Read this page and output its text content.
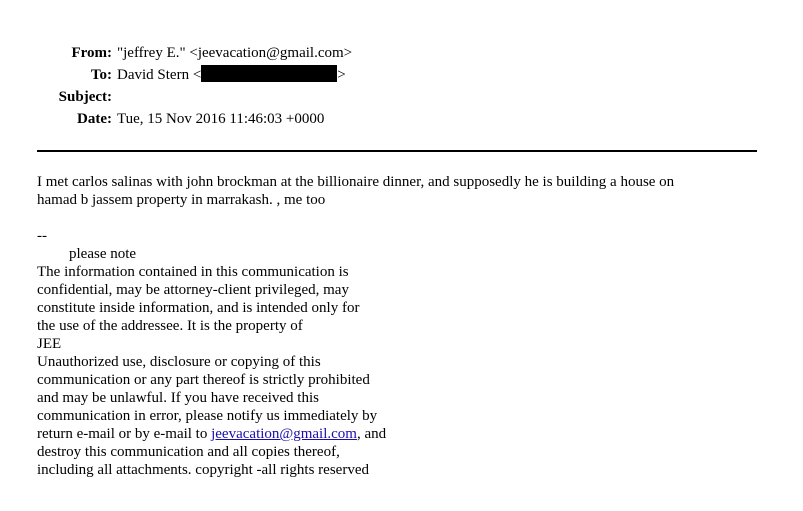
From: "jeffrey E." <jeevacation@gmail.com>
To: David Stern <	>
Subject:
Date: Tue, 15 Nov 2016 11:46:03 +0000
I met carlos salinas with john brockman at the billionaire dinner, and supposedly he is building a house on
hamad b jassem property in marrakash. , me too
--
please note
The information contained in this communication is
confidential, may be attorney-client privileged, may
constitute inside information, and is intended only for
the use of the addressee. It is the property of
JEE
Unauthorized use, disclosure or copying of this
communication or any part thereof is strictly prohibited
and may be unlawful. If you have received this
communication in error, please notify us immediately by
return e-mail or by e-mail to jeevacation@gmail.com, and
destroy this communication and all copies thereof,
including all attachments. copyright -all rights reserved
